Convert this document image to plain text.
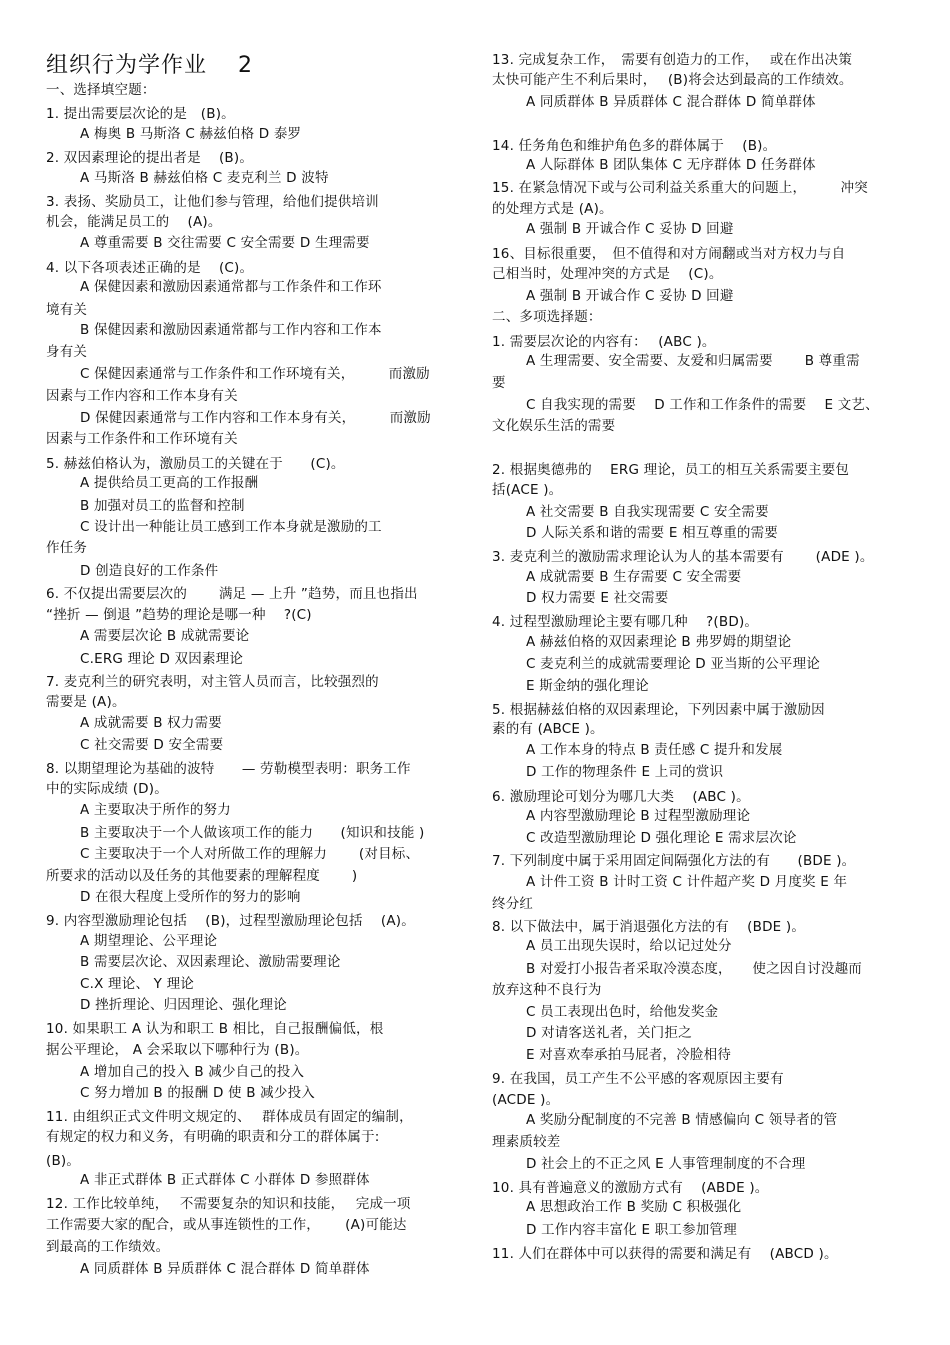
组织行为学作业　 2
一、选择填空题：
1. 提出需要层次论的是　(B)。
A 梅奥 B 马斯洛 C 赫兹伯格 D 泰罗
2. 双因素理论的提出者是　 (B)。
A 马斯洛 B 赫兹伯格 C 麦克利兰 D 波特
3. 表扬、奖励员工，让他们参与管理，给他们提供培训
机会，能满足员工的　 (A)。
A 尊重需要 B 交往需要 C 安全需要 D 生理需要
4. 以下各项表述正确的是　 (C)。
A 保健因素和激励因素通常都与工作条件和工作环
境有关
B 保健因素和激励因素通常都与工作内容和工作本
身有关
C 保健因素通常与工作条件和工作环境有关，　　　而激励
因素与工作内容和工作本身有关
D 保健因素通常与工作内容和工作本身有关，　　　而激励
因素与工作条件和工作环境有关
5. 赫兹伯格认为，激励员工的关键在于　　(C)。
A 提供给员工更高的工作报酬
B 加强对员工的监督和控制
C 设计出一种能让员工感到工作本身就是激励的工
作任务
D 创造良好的工作条件
6. 不仅提出需要层次的　　 满足 — 上升 ”趋势，而且也指出
“挫折 — 倒退 ”趋势的理论是哪一种　 ?(C)
A 需要层次论 B 成就需要论
C.ERG 理论 D 双因素理论
7. 麦克利兰的研究表明，对主管人员而言，比较强烈的
需要是 (A)。
A 成就需要 B 权力需要
C 社交需要 D 安全需要
8. 以期望理论为基础的波特　　— 劳勒模型表明：职务工作
中的实际成绩 (D)。
A 主要取决于所作的努力
B 主要取决于一个人做该项工作的能力　　(知识和技能 )
C 主要取决于一个人对所做工作的理解力　　 (对目标、
所要求的活动以及任务的其他要素的理解程度　　 )
D 在很大程度上受所作的努力的影响
9. 内容型激励理论包括　 (B)，过程型激励理论包括　 (A)。
A 期望理论、公平理论
B 需要层次论、双因素理论、激励需要理论
C.X 理论、 Y 理论
D 挫折理论、归因理论、强化理论
10. 如果职工 A 认为和职工 B 相比，自己报酬偏低，根
据公平理论， A 会采取以下哪种行为 (B)。
A 增加自己的投入 B 减少自己的投入
C 努力增加 B 的报酬 D 使 B 减少投入
11. 由组织正式文件明文规定的、　 群体成员有固定的编制，
有规定的权力和义务，有明确的职责和分工的群体属于:
(B)。
A 非正式群体 B 正式群体 C 小群体 D 参照群体
12. 工作比较单纯，　 不需要复杂的知识和技能，　 完成一项
工作需要大家的配合，或从事连锁性的工作，　　 (A)可能达
到最高的工作绩效。
A 同质群体 B 异质群体 C 混合群体 D 简单群体
13. 完成复杂工作，　需要有创造力的工作，　 或在作出决策
太快可能产生不利后果时，　 (B)将会达到最高的工作绩效。
A 同质群体 B 异质群体 C 混合群体 D 简单群体
14. 任务角色和维护角色多的群体属于　 (B)。
A 人际群体 B 团队集体 C 无序群体 D 任务群体
15. 在紧急情况下或与公司利益关系重大的问题上，　　　冲突
的处理方式是 (A)。
A 强制 B 开诚合作 C 妥协 D 回避
16、目标很重要，　但不值得和对方闹翻或当对方权力与自
己相当时，处理冲突的方式是　 (C)。
A 强制 B 开诚合作 C 妥协 D 回避
二、多项选择题：
1. 需要层次论的内容有：　 (ABC )。
A 生理需要、安全需要、友爱和归属需要　　 B 尊重需
要
C 自我实现的需要　 D 工作和工作条件的需要　 E 文艺、
文化娱乐生活的需要
2. 根据奥德弗的　 ERG 理论，员工的相互关系需要主要包
括(ACE )。
A 社交需要 B 自我实现需要 C 安全需要
D 人际关系和谐的需要 E 相互尊重的需要
3. 麦克利兰的激励需求理论认为人的基本需要有　　 (ADE )。
A 成就需要 B 生存需要 C 安全需要
D 权力需要 E 社交需要
4. 过程型激励理论主要有哪几种　 ?(BD)。
A 赫兹伯格的双因素理论 B 弗罗姆的期望论
C 麦克利兰的成就需要理论 D 亚当斯的公平理论
E 斯金纳的强化理论
5. 根据赫兹伯格的双因素理论，下列因素中属于激励因
素的有 (ABCE )。
A 工作本身的特点 B 责任感 C 提升和发展
D 工作的物理条件 E 上司的赏识
6. 激励理论可划分为哪几大类　 (ABC )。
A 内容型激励理论 B 过程型激励理论
C 改造型激励理论 D 强化理论 E 需求层次论
7. 下列制度中属于采用固定间隔强化方法的有　　(BDE )。
A 计件工资 B 计时工资 C 计件超产奖 D 月度奖 E 年
终分红
8. 以下做法中，属于消退强化方法的有　 (BDE )。
A 员工出现失误时，给以记过处分
B 对爱打小报告者采取冷漠态度，　　使之因自讨没趣而
放弃这种不良行为
C 员工表现出色时，给他发奖金
D 对请客送礼者，关门拒之
E 对喜欢奉承拍马屁者，冷脸相待
9. 在我国，员工产生不公平感的客观原因主要有
(ACDE )。
A 奖励分配制度的不完善 B 情感偏向 C 领导者的管
理素质较差
D 社会上的不正之风 E 人事管理制度的不合理
10. 具有普遍意义的激励方式有　 (ABDE )。
A 思想政治工作 B 奖励 C 积极强化
D 工作内容丰富化 E 职工参加管理
11. 人们在群体中可以获得的需要和满足有　 (ABCD )。
